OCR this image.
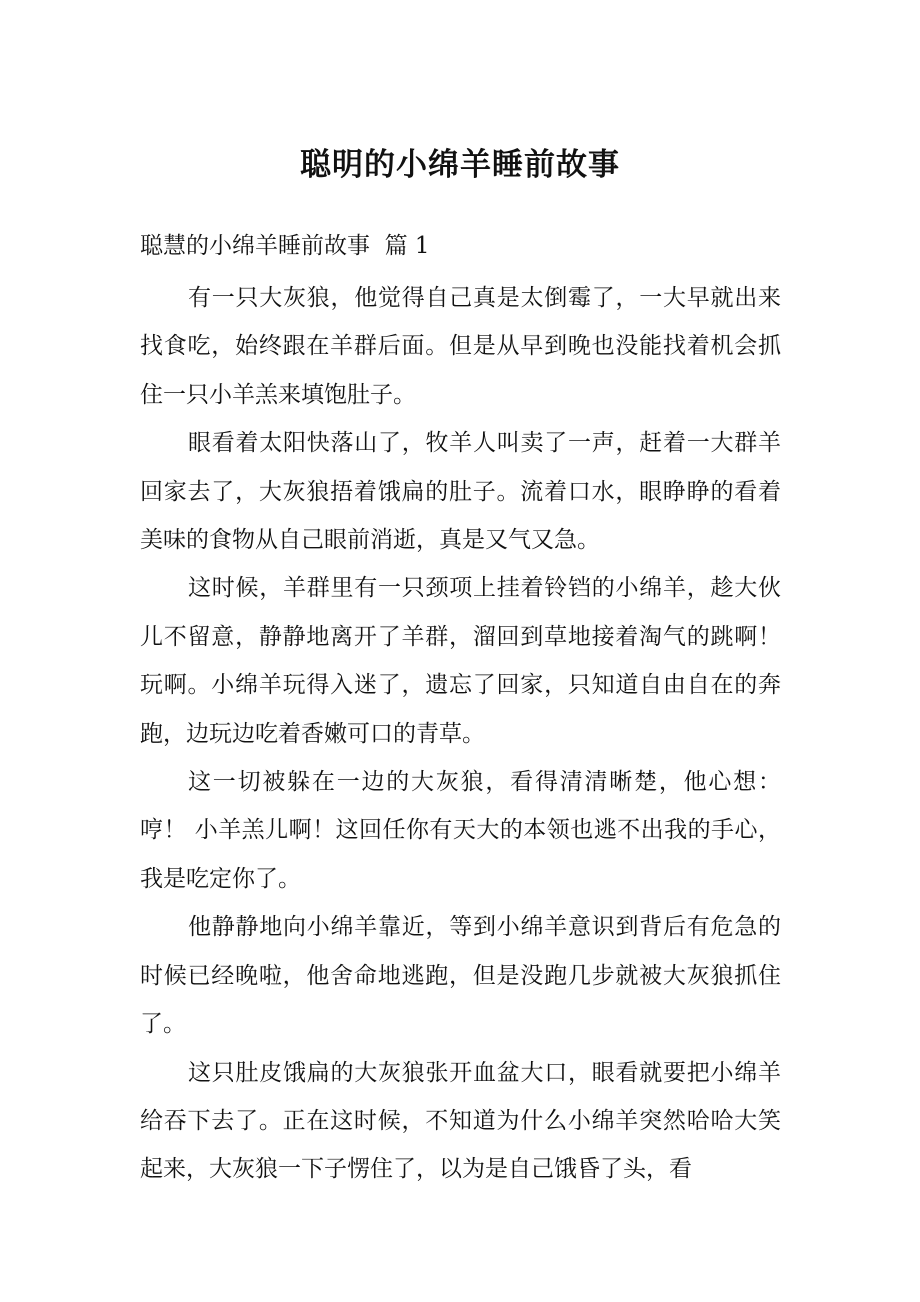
聪明的小绵羊睡前故事
聪慧的小绵羊睡前故事  篇 1

有一只大灰狼，他觉得自己真是太倒霉了，一大早就出来找食吃，始终跟在羊群后面。但是从早到晚也没能找着机会抓住一只小羊羔来填饱肚子。

眼看着太阳快落山了，牧羊人叫卖了一声，赶着一大群羊回家去了，大灰狼捂着饿扁的肚子。流着口水，眼睁睁的看着美味的食物从自己眼前消逝，真是又气又急。

这时候，羊群里有一只颈项上挂着铃铛的小绵羊，趁大伙儿不留意，静静地离开了羊群，溜回到草地接着淘气的跳啊！玩啊。小绵羊玩得入迷了，遗忘了回家，只知道自由自在的奔跑，边玩边吃着香嫩可口的青草。

这一切被躲在一边的大灰狼，看得清清晰楚，他心想：哼！ 小羊羔儿啊！这回任你有天大的本领也逃不出我的手心，我是吃定你了。

他静静地向小绵羊靠近，等到小绵羊意识到背后有危急的时候已经晚啦，他舍命地逃跑，但是没跑几步就被大灰狼抓住了。

这只肚皮饿扁的大灰狼张开血盆大口，眼看就要把小绵羊给吞下去了。正在这时候，不知道为什么小绵羊突然哈哈大笑起来，大灰狼一下子愣住了，以为是自己饿昏了头，看
